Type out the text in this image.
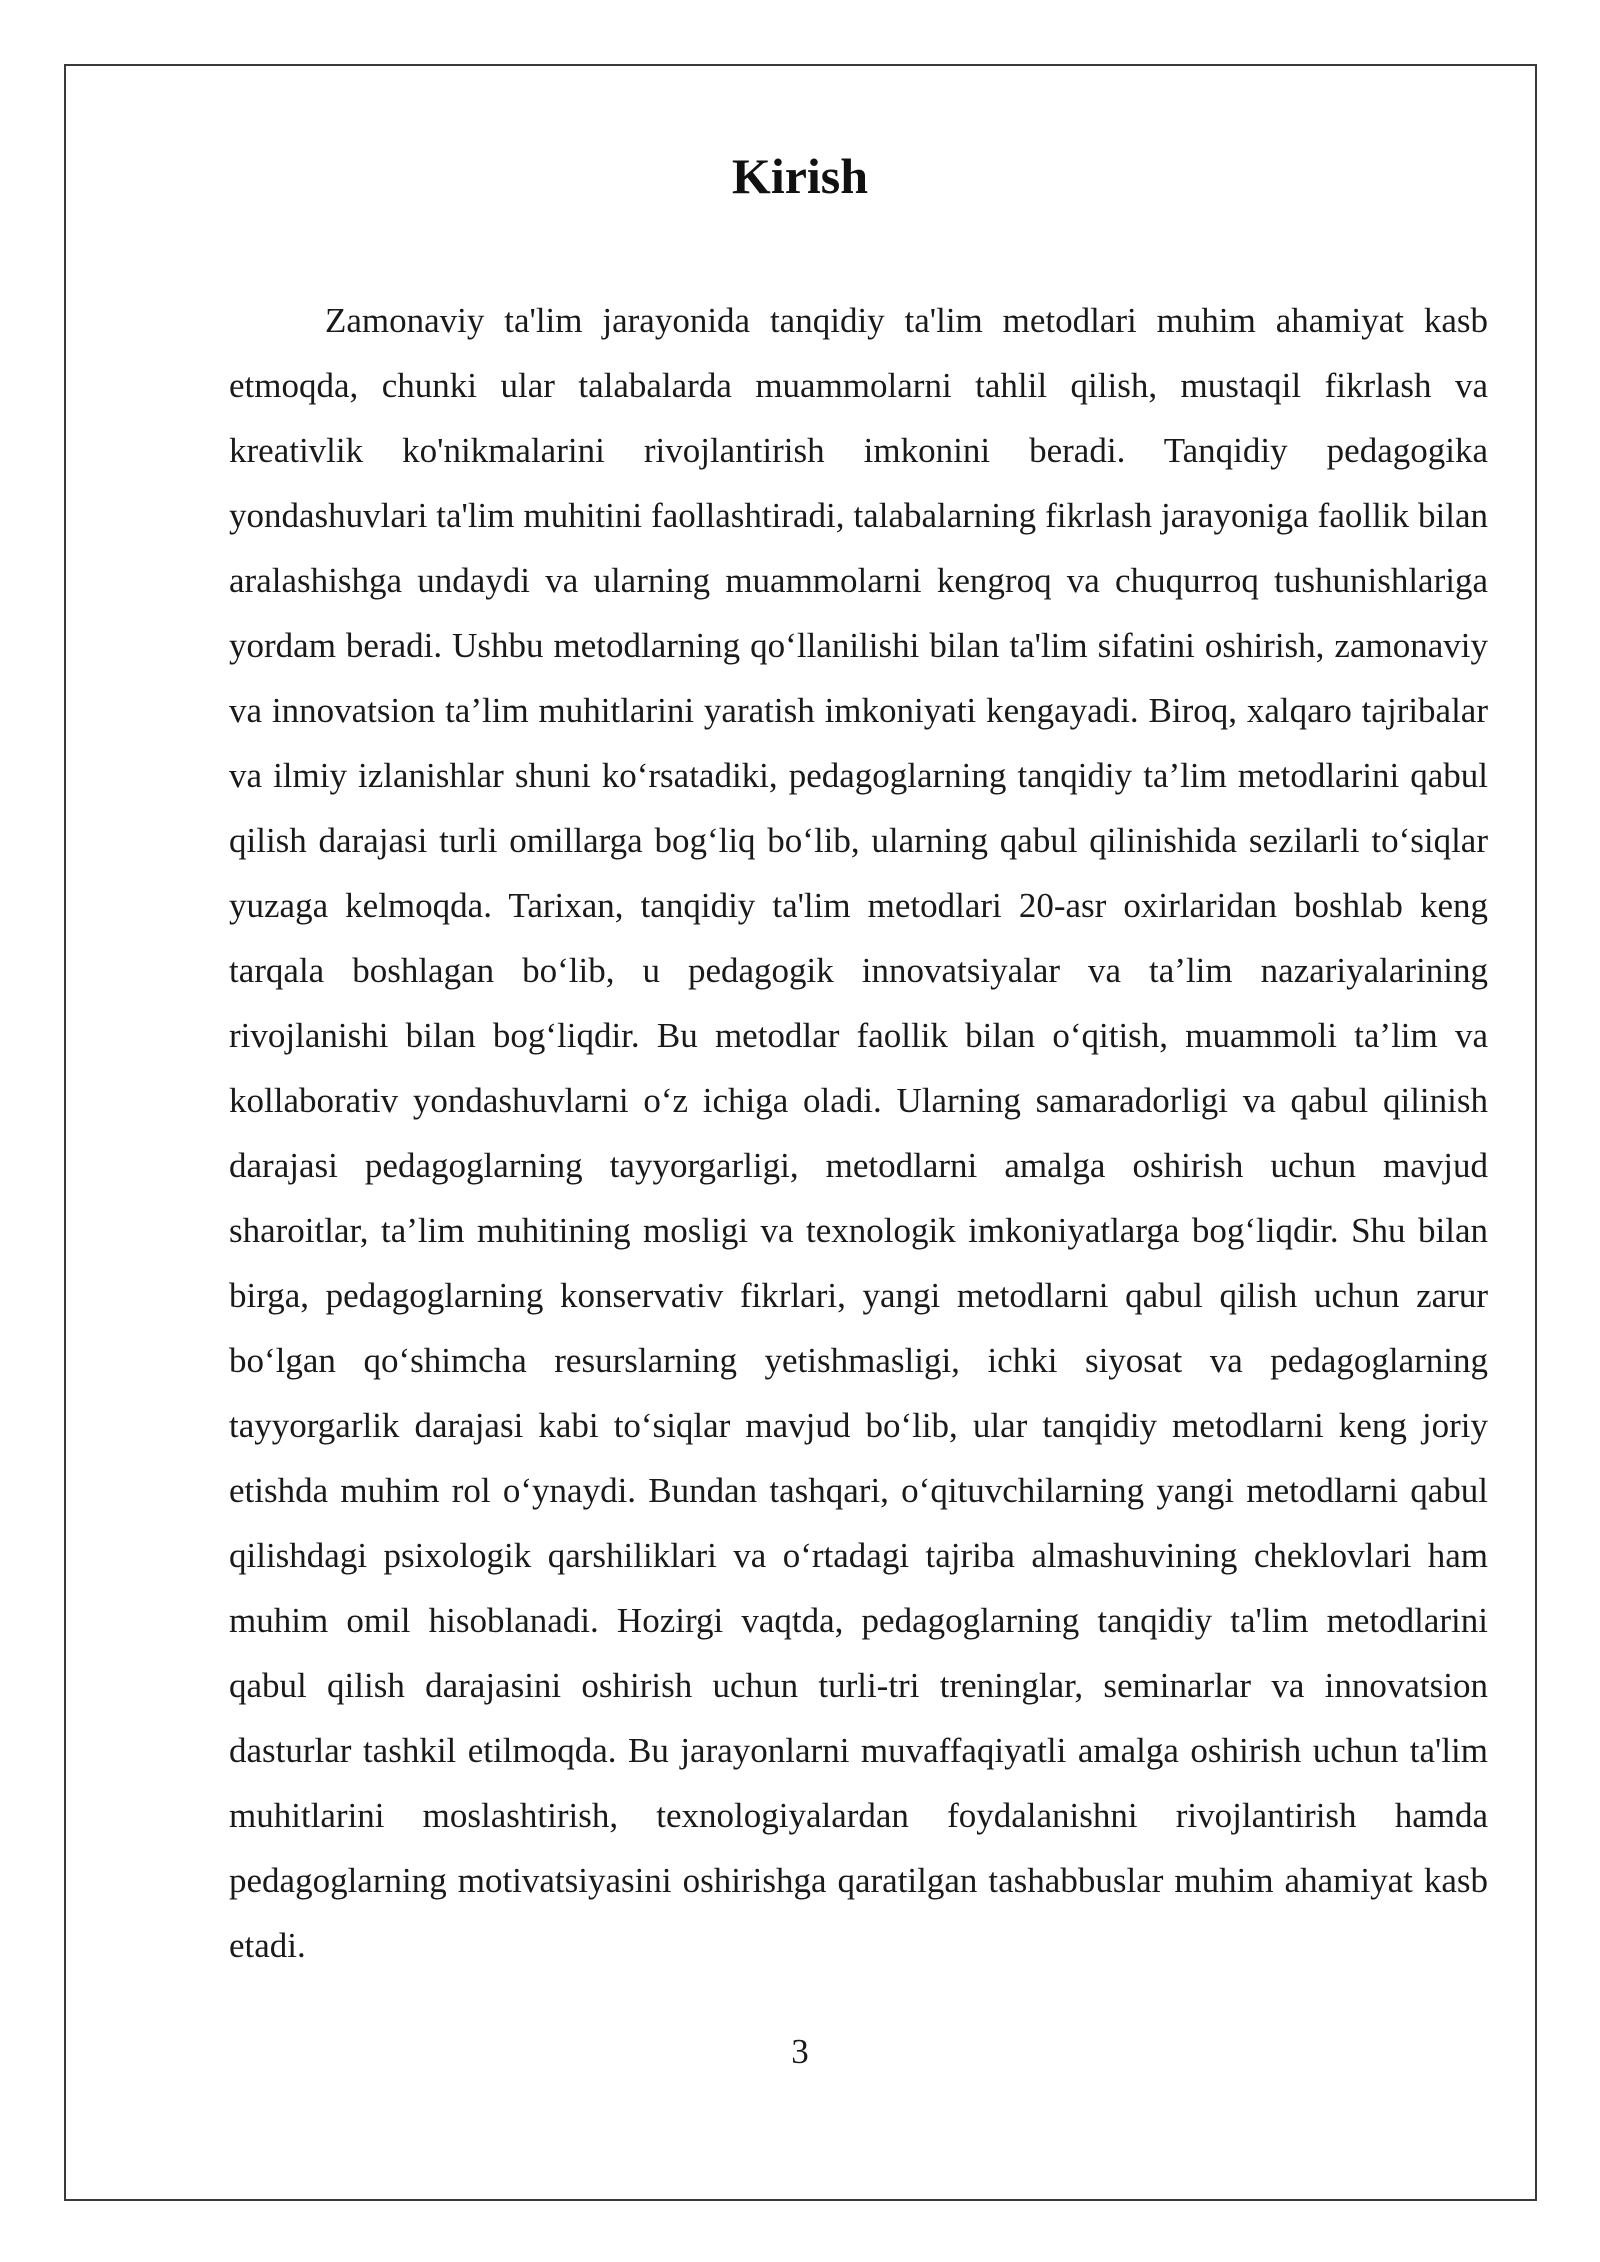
Kirish

Zamonaviy ta'lim jarayonida tanqidiy ta'lim metodlari muhim ahamiyat kasb etmoqda, chunki ular talabalarda muammolarni tahlil qilish, mustaqil fikrlash va kreativlik ko'nikmalarini rivojlantirish imkonini beradi. Tanqidiy pedagogika yondashuvlari ta'lim muhitini faollashtiradi, talabalarning fikrlash jarayoniga faollik bilan aralashishga undaydi va ularning muammolarni kengroq va chuqurroq tushunishlariga yordam beradi. Ushbu metodlarning qo‘llanilishi bilan ta'lim sifatini oshirish, zamonaviy va innovatsion ta’lim muhitlarini yaratish imkoniyati kengayadi. Biroq, xalqaro tajribalar va ilmiy izlanishlar shuni ko‘rsatadiki, pedagoglarning tanqidiy ta’lim metodlarini qabul qilish darajasi turli omillarga bog‘liq bo‘lib, ularning qabul qilinishida sezilarli to‘siqlar yuzaga kelmoqda. Tarixan, tanqidiy ta'lim metodlari 20-asr oxirlaridan boshlab keng tarqala boshlagan bo‘lib, u pedagogik innovatsiyalar va ta’lim nazariyalarining rivojlanishi bilan bog‘liqdir. Bu metodlar faollik bilan o‘qitish, muammoli ta’lim va kollaborativ yondashuvlarni o‘z ichiga oladi. Ularning samaradorligi va qabul qilinish darajasi pedagoglarning tayyorgarligi, metodlarni amalga oshirish uchun mavjud sharoitlar, ta’lim muhitining mosligi va texnologik imkoniyatlarga bog‘liqdir. Shu bilan birga, pedagoglarning konservativ fikrlari, yangi metodlarni qabul qilish uchun zarur bo‘lgan qo‘shimcha resurslarning yetishmasligi, ichki siyosat va pedagoglarning tayyorgarlik darajasi kabi to‘siqlar mavjud bo‘lib, ular tanqidiy metodlarni keng joriy etishda muhim rol o‘ynaydi. Bundan tashqari, o‘qituvchilarning yangi metodlarni qabul qilishdagi psixologik qarshiliklari va o‘rtadagi tajriba almashuvining cheklovlari ham muhim omil hisoblanadi. Hozirgi vaqtda, pedagoglarning tanqidiy ta'lim metodlarini qabul qilish darajasini oshirish uchun turli-tri treninglar, seminarlar va innovatsion dasturlar tashkil etilmoqda. Bu jarayonlarni muvaffaqiyatli amalga oshirish uchun ta'lim muhitlarini moslashtirish, texnologiyalardan foydalanishni rivojlantirish hamda pedagoglarning motivatsiyasini oshirishga qaratilgan tashabbuslar muhim ahamiyat kasb etadi.

3
